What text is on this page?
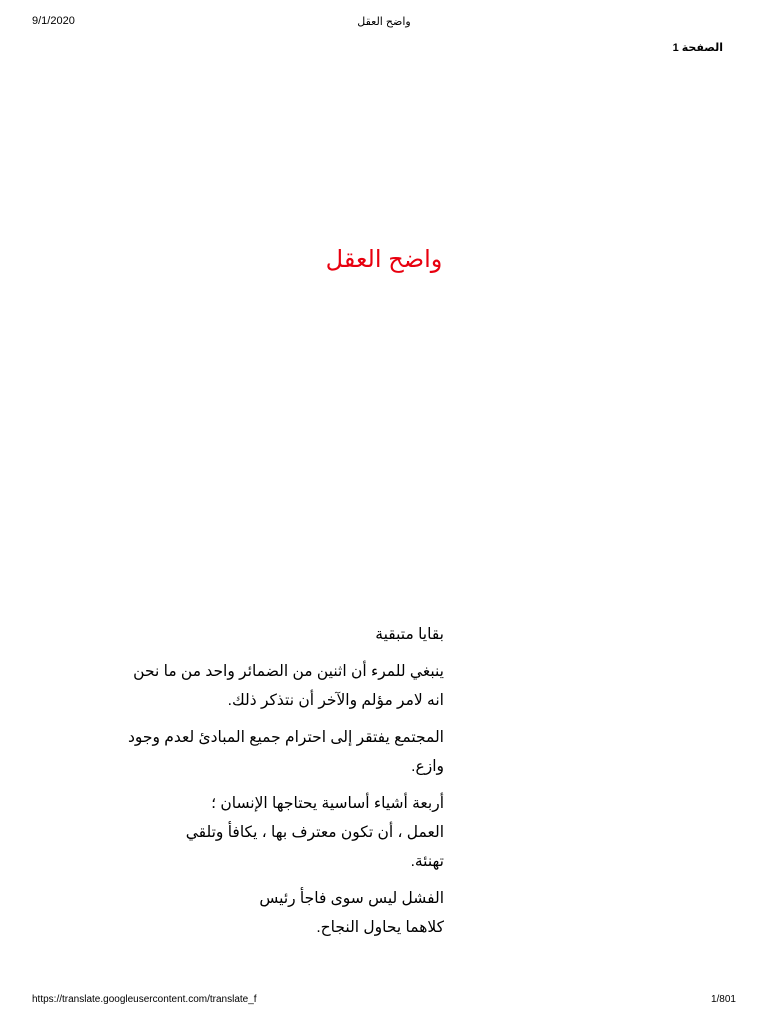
9/1/2020	واضح العقل
الصفحة 1
واضح العقل

بقايا متبقية

ينبغي للمرء أن اثنين من الضمائر واحد من ما نحن
انه لامر مؤلم والآخر أن نتذكر ذلك.

المجتمع يفتقر إلى احترام جميع المبادئ لعدم وجود
وازع.

أربعة أشياء أساسية يحتاجها الإنسان ؛
العمل ، أن تكون معترف بها ، يكافأ وتلقي
تهنئة.

الفشل ليس سوى فاجأ رئيس
كلاهما يحاول النجاح.

https://translate.googleusercontent.com/translate_f	1/801
